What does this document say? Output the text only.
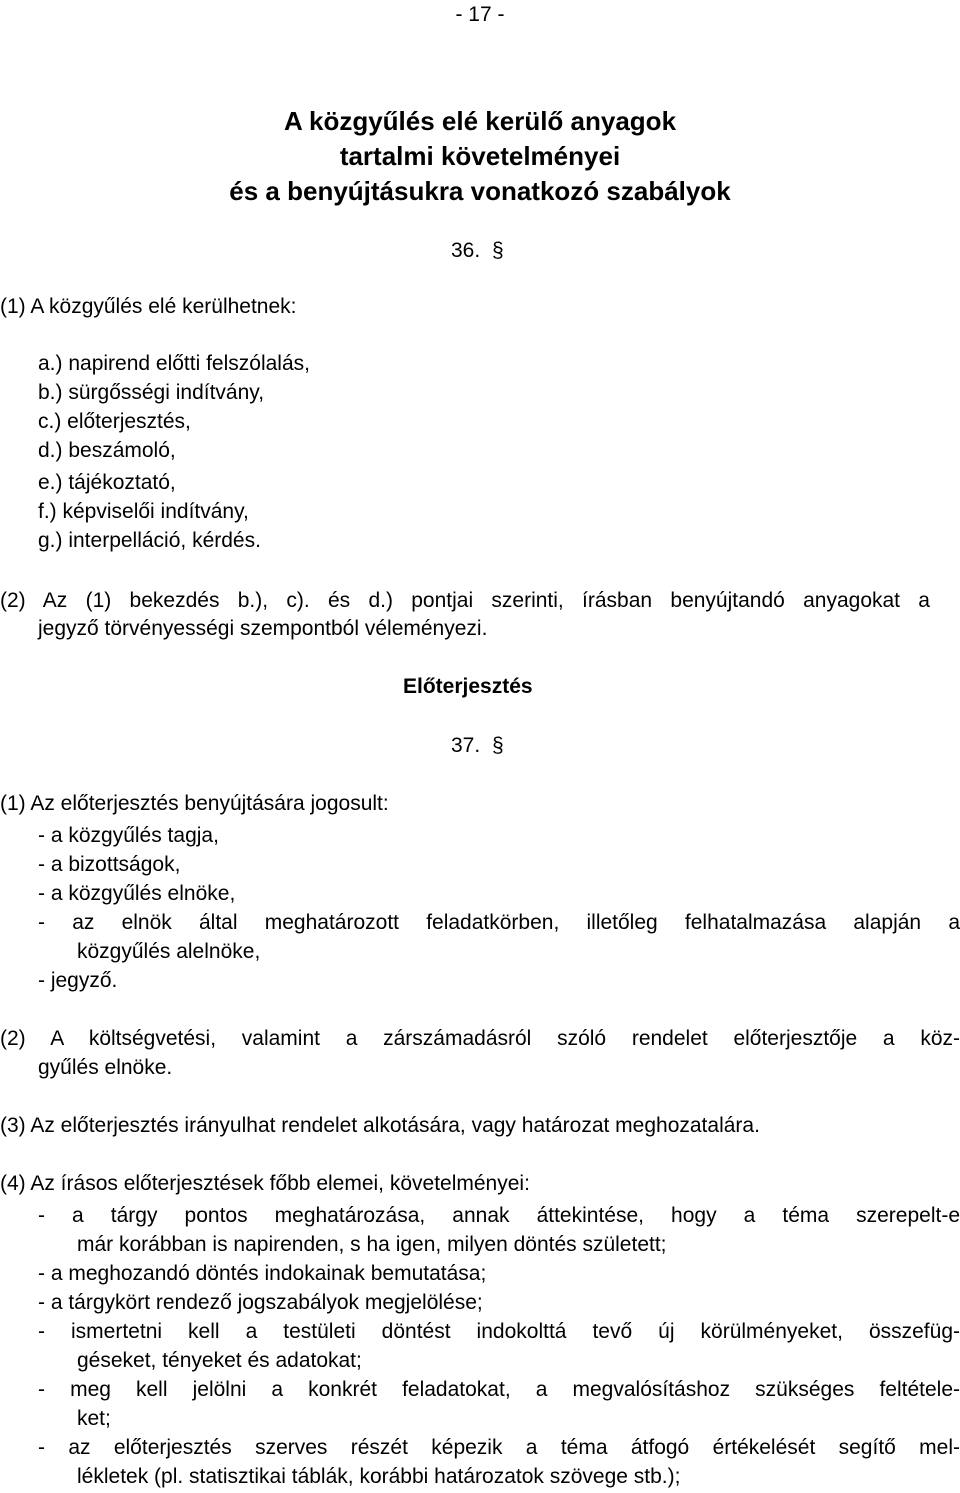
- 17 -
A közgyűlés elé kerülő anyagok
tartalmi követelményei
és a benyújtásukra vonatkozó szabályok
36. §
(1) A közgyűlés elé kerülhetnek:
a.) napirend előtti felszólalás,
b.) sürgősségi indítvány,
c.) előterjesztés,
d.) beszámoló,
e.) tájékoztató,
f.) képviselői indítvány,
g.) interpelláció, kérdés.
(2) Az (1) bekezdés b.), c). és d.) pontjai szerinti, írásban benyújtandó anyagokat a
jegyző törvényességi szempontból véleményezi.
Előterjesztés
37. §
(1) Az előterjesztés benyújtására jogosult:
- a közgyűlés tagja,
- a bizottságok,
- a közgyűlés elnöke,
- az elnök által meghatározott feladatkörben, illetőleg felhatalmazása alapján a
közgyűlés alelnöke,
- jegyző.
(2) A költségvetési, valamint a zárszámadásról szóló rendelet előterjesztője a köz-
gyűlés elnöke.
(3) Az előterjesztés irányulhat rendelet alkotására, vagy határozat meghozatalára.
(4) Az írásos előterjesztések főbb elemei, követelményei:
- a tárgy pontos meghatározása, annak áttekintése, hogy a téma szerepelt-e
már korábban is napirenden, s ha igen, milyen döntés született;
- a meghozandó döntés indokainak bemutatása;
- a tárgykört rendező jogszabályok megjelölése;
- ismertetni kell a testületi döntést indokolttá tevő új körülményeket, összefüg-
géseket, tényeket és adatokat;
- meg kell jelölni a konkrét feladatokat, a megvalósításhoz szükséges feltétele-
ket;
- az előterjesztés szerves részét képezik a téma átfogó értékelését segítő mel-
lékletek (pl. statisztikai táblák, korábbi határozatok szövege stb.);
